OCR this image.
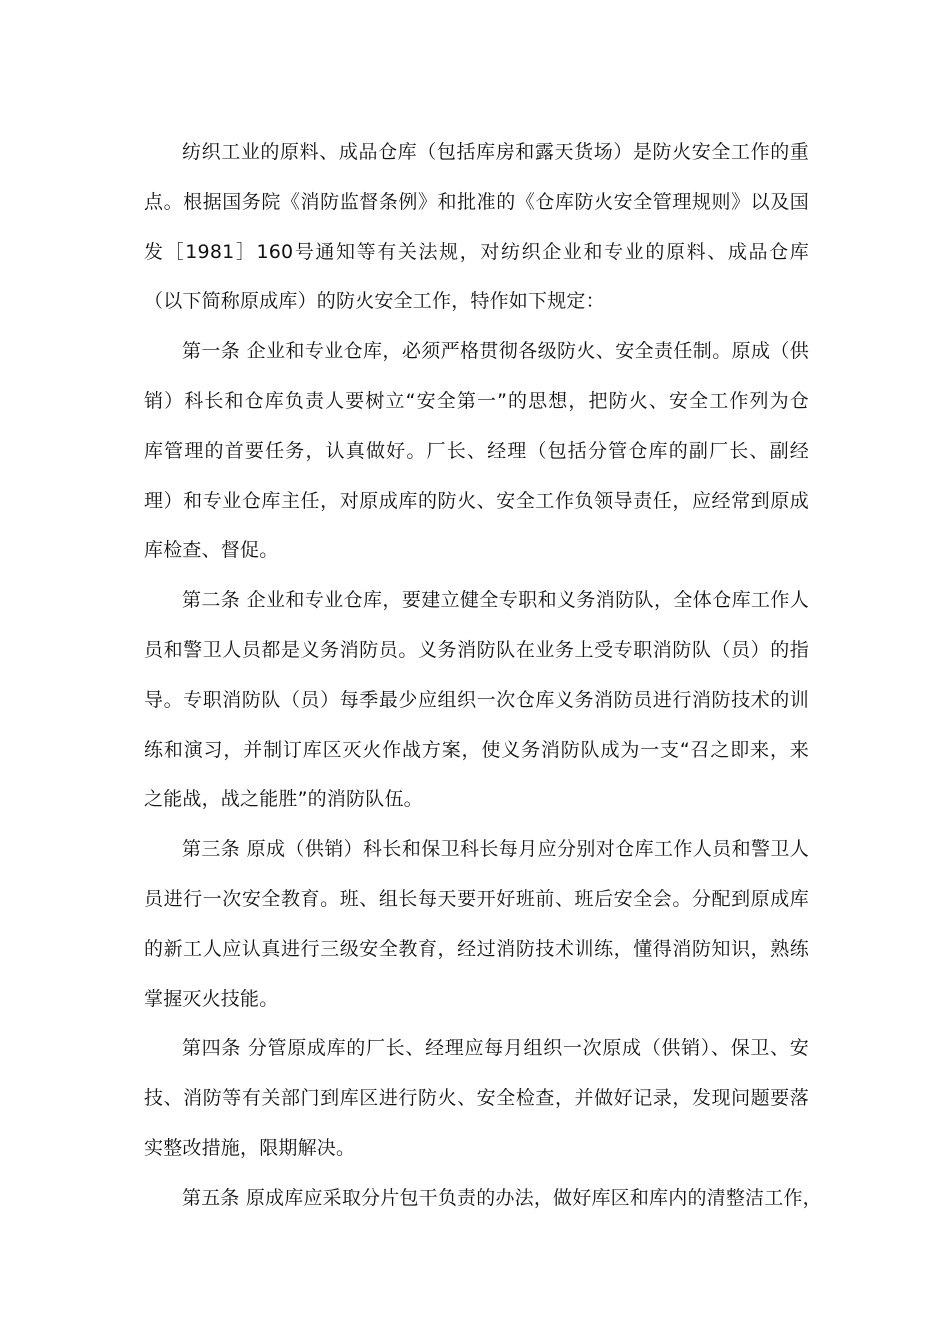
纺织工业的原料、成品仓库（包括库房和露天货场）是防火安全工作的重
点。根据国务院《消防监督条例》和批准的《仓库防火安全管理规则》以及国
发［1981］160号通知等有关法规，对纺织企业和专业的原料、成品仓库
（以下简称原成库）的防火安全工作，特作如下规定：
第一条 企业和专业仓库，必须严格贯彻各级防火、安全责任制。原成（供
销）科长和仓库负责人要树立“安全第一”的思想，把防火、安全工作列为仓
库管理的首要任务，认真做好。厂长、经理（包括分管仓库的副厂长、副经
理）和专业仓库主任，对原成库的防火、安全工作负领导责任，应经常到原成
库检查、督促。
第二条 企业和专业仓库，要建立健全专职和义务消防队，全体仓库工作人
员和警卫人员都是义务消防员。义务消防队在业务上受专职消防队（员）的指
导。专职消防队（员）每季最少应组织一次仓库义务消防员进行消防技术的训
练和演习，并制订库区灭火作战方案，使义务消防队成为一支“召之即来，来
之能战，战之能胜”的消防队伍。
第三条 原成（供销）科长和保卫科长每月应分别对仓库工作人员和警卫人
员进行一次安全教育。班、组长每天要开好班前、班后安全会。分配到原成库
的新工人应认真进行三级安全教育，经过消防技术训练，懂得消防知识，熟练
掌握灭火技能。
第四条 分管原成库的厂长、经理应每月组织一次原成（供销）、保卫、安
技、消防等有关部门到库区进行防火、安全检查，并做好记录，发现问题要落
实整改措施，限期解决。
第五条 原成库应采取分片包干负责的办法，做好库区和库内的清整洁工作，
